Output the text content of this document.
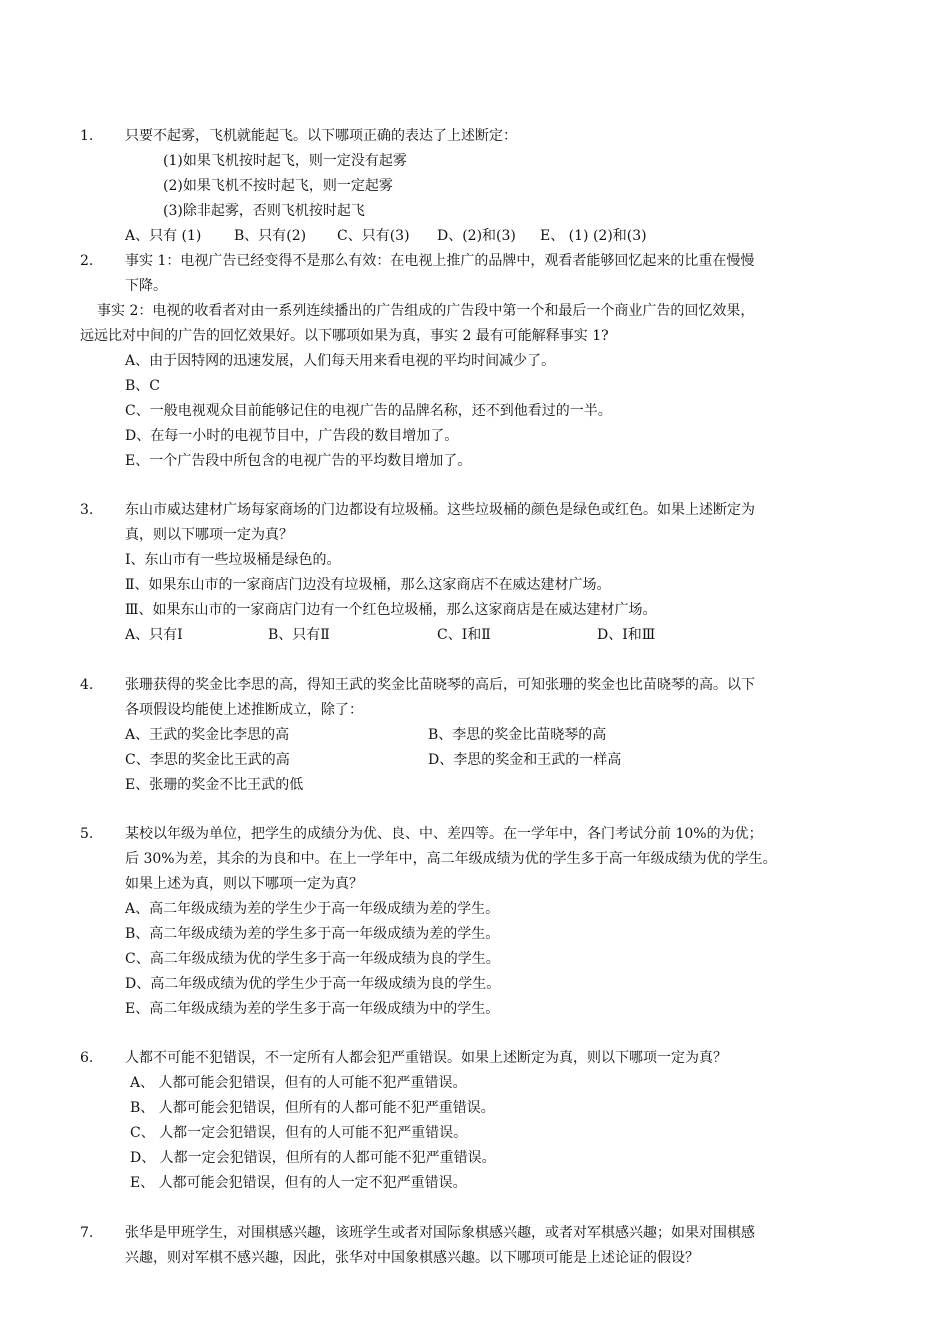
1. 只要不起雾，飞机就能起飞。以下哪项正确的表达了上述断定：
(1)如果飞机按时起飞，则一定没有起雾
(2)如果飞机不按时起飞，则一定起雾
(3)除非起雾，否则飞机按时起飞
A、只有 (1) B、只有(2) C、只有(3) D、(2)和(3) E、 (1) (2)和(3)
2. 事实 1：电视广告已经变得不是那么有效：在电视上推广的品牌中，观看者能够回忆起来的比重在慢慢
下降。
事实 2：电视的收看者对由一系列连续播出的广告组成的广告段中第一个和最后一个商业广告的回忆效果，
远远比对中间的广告的回忆效果好。以下哪项如果为真，事实 2 最有可能解释事实 1?
A、由于因特网的迅速发展，人们每天用来看电视的平均时间减少了。
B、C
C、一般电视观众目前能够记住的电视广告的品牌名称，还不到他看过的一半。
D、在每一小时的电视节目中，广告段的数目增加了。
E、一个广告段中所包含的电视广告的平均数目增加了。
3. 东山市威达建材广场每家商场的门边都设有垃圾桶。这些垃圾桶的颜色是绿色或红色。如果上述断定为
真，则以下哪项一定为真？
Ⅰ、东山市有一些垃圾桶是绿色的。
Ⅱ、如果东山市的一家商店门边没有垃圾桶，那么这家商店不在威达建材广场。
Ⅲ、如果东山市的一家商店门边有一个红色垃圾桶，那么这家商店是在威达建材广场。
A、只有Ⅰ	B、只有Ⅱ	C、Ⅰ和Ⅱ	D、Ⅰ和Ⅲ
4. 张珊获得的奖金比李思的高，得知王武的奖金比苗晓琴的高后，可知张珊的奖金也比苗晓琴的高。以下
各项假设均能使上述推断成立，除了：
A、王武的奖金比李思的高	B、李思的奖金比苗晓琴的高
C、李思的奖金比王武的高	D、李思的奖金和王武的一样高
E、张珊的奖金不比王武的低
5. 某校以年级为单位，把学生的成绩分为优、良、中、差四等。在一学年中，各门考试分前 10%的为优；
后 30%为差，其余的为良和中。在上一学年中，高二年级成绩为优的学生多于高一年级成绩为优的学生。
如果上述为真，则以下哪项一定为真？
A、高二年级成绩为差的学生少于高一年级成绩为差的学生。
B、高二年级成绩为差的学生多于高一年级成绩为差的学生。
C、高二年级成绩为优的学生多于高一年级成绩为良的学生。
D、高二年级成绩为优的学生少于高一年级成绩为良的学生。
E、高二年级成绩为差的学生多于高一年级成绩为中的学生。
6. 人都不可能不犯错误，不一定所有人都会犯严重错误。如果上述断定为真，则以下哪项一定为真？
A、 人都可能会犯错误，但有的人可能不犯严重错误。
B、 人都可能会犯错误，但所有的人都可能不犯严重错误。
C、 人都一定会犯错误，但有的人可能不犯严重错误。
D、 人都一定会犯错误，但所有的人都可能不犯严重错误。
E、 人都可能会犯错误，但有的人一定不犯严重错误。
7. 张华是甲班学生，对围棋感兴趣，该班学生或者对国际象棋感兴趣，或者对军棋感兴趣；如果对围棋感
兴趣，则对军棋不感兴趣，因此，张华对中国象棋感兴趣。以下哪项可能是上述论证的假设？
